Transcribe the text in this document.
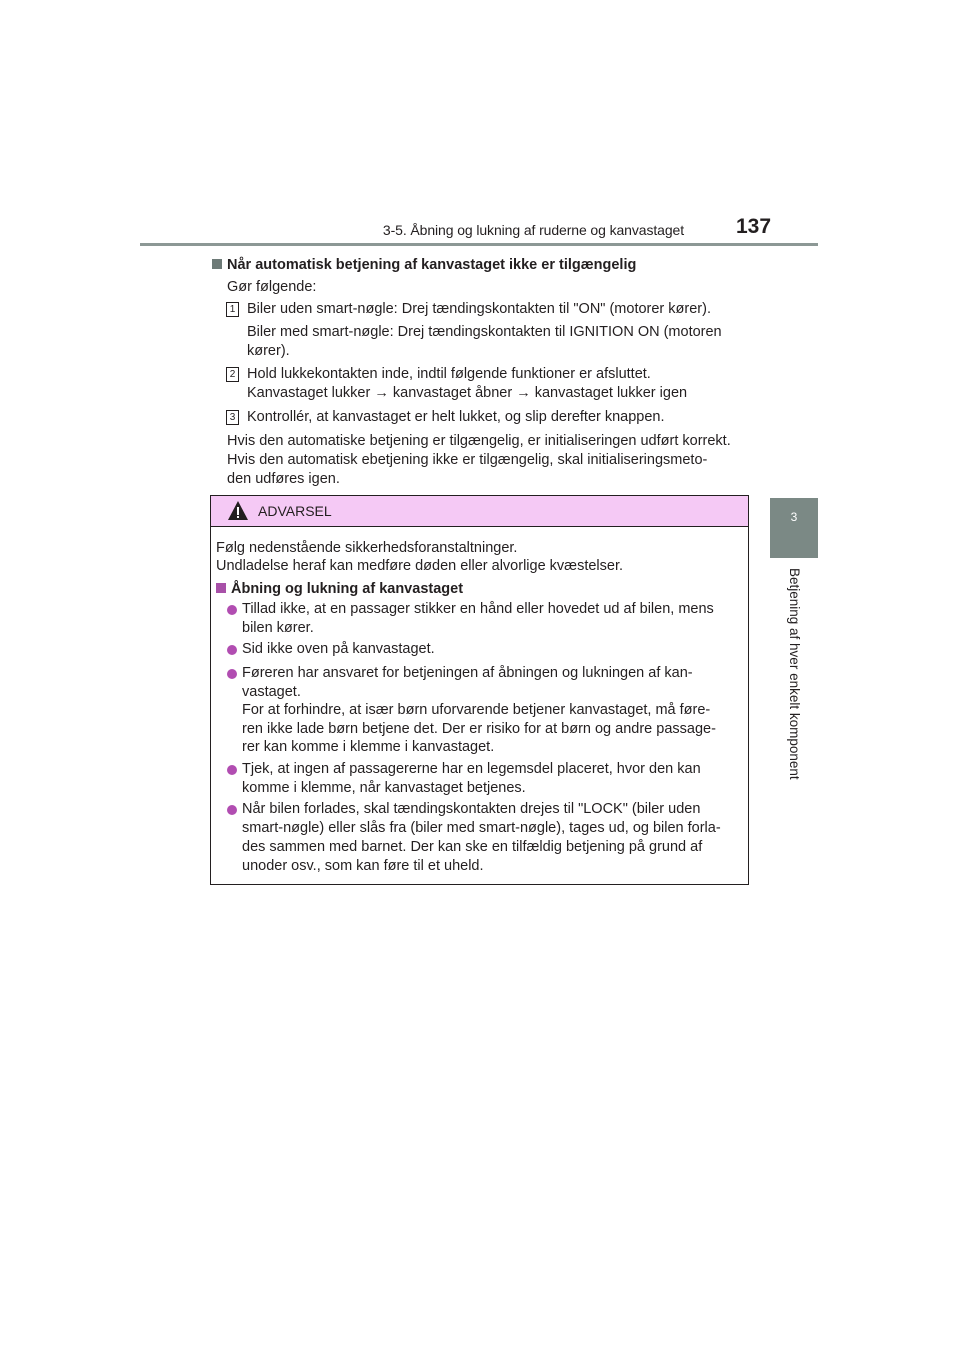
3-5. Åbning og lukning af ruderne og kanvastaget 137
3
Betjening af hver enkelt komponent
Når automatisk betjening af kanvastaget ikke er tilgængelig
Gør følgende:
1 Biler uden smart-nøgle: Drej tændingskontakten til "ON" (motorer kører).
Biler med smart-nøgle: Drej tændingskontakten til IGNITION ON (motoren
kører).
2 Hold lukkekontakten inde, indtil følgende funktioner er afsluttet.
Kanvastaget lukker → kanvastaget åbner → kanvastaget lukker igen
3 Kontrollér, at kanvastaget er helt lukket, og slip derefter knappen.
Hvis den automatiske betjening er tilgængelig, er initialiseringen udført korrekt.
Hvis den automatisk ebetjening ikke er tilgængelig, skal initialiseringsmeto-
den udføres igen.
ADVARSEL
Følg nedenstående sikkerhedsforanstaltninger.
Undladelse heraf kan medføre døden eller alvorlige kvæstelser.
Åbning og lukning af kanvastaget
Tillad ikke, at en passager stikker en hånd eller hovedet ud af bilen, mens
bilen kører.
Sid ikke oven på kanvastaget.
Føreren har ansvaret for betjeningen af åbningen og lukningen af kan-
vastaget.
For at forhindre, at især børn uforvarende betjener kanvastaget, må føre-
ren ikke lade børn betjene det. Der er risiko for at børn og andre passage-
rer kan komme i klemme i kanvastaget.
Tjek, at ingen af passagererne har en legemsdel placeret, hvor den kan
komme i klemme, når kanvastaget betjenes.
Når bilen forlades, skal tændingskontakten drejes til "LOCK" (biler uden
smart-nøgle) eller slås fra (biler med smart-nøgle), tages ud, og bilen forla-
des sammen med barnet. Der kan ske en tilfældig betjening på grund af
unoder osv., som kan føre til et uheld.
